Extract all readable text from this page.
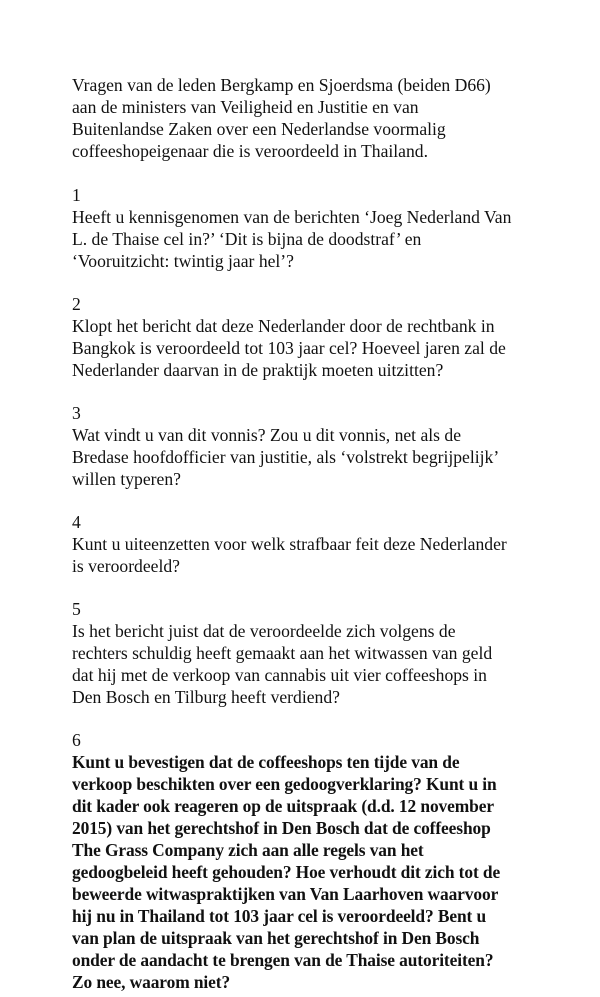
Vragen van de leden Bergkamp en Sjoerdsma (beiden D66)
aan de ministers van Veiligheid en Justitie en van
Buitenlandse Zaken over een Nederlandse voormalig
coffeeshopeigenaar die is veroordeeld in Thailand.
1
Heeft u kennisgenomen van de berichten ‘Joeg Nederland Van
L. de Thaise cel in?’ ‘Dit is bijna de doodstraf’ en
‘Vooruitzicht: twintig jaar hel’?
2
Klopt het bericht dat deze Nederlander door de rechtbank in
Bangkok is veroordeeld tot 103 jaar cel? Hoeveel jaren zal de
Nederlander daarvan in de praktijk moeten uitzitten?
3
Wat vindt u van dit vonnis? Zou u dit vonnis, net als de
Bredase hoofdofficier van justitie, als ‘volstrekt begrijpelijk’
willen typeren?
4
Kunt u uiteenzetten voor welk strafbaar feit deze Nederlander
is veroordeeld?
5
Is het bericht juist dat de veroordeelde zich volgens de
rechters schuldig heeft gemaakt aan het witwassen van geld
dat hij met de verkoop van cannabis uit vier coffeeshops in
Den Bosch en Tilburg heeft verdiend?
6
Kunt u bevestigen dat de coffeeshops ten tijde van de
verkoop beschikten over een gedoogverklaring? Kunt u in
dit kader ook reageren op de uitspraak (d.d. 12 november
2015) van het gerechtshof in Den Bosch dat de coffeeshop
The Grass Company zich aan alle regels van het
gedoogbeleid heeft gehouden? Hoe verhoudt dit zich tot de
beweerde witwaspraktijken van Van Laarhoven waarvoor
hij nu in Thailand tot 103 jaar cel is veroordeeld? Bent u
van plan de uitspraak van het gerechtshof in Den Bosch
onder de aandacht te brengen van de Thaise autoriteiten?
Zo nee, waarom niet?
